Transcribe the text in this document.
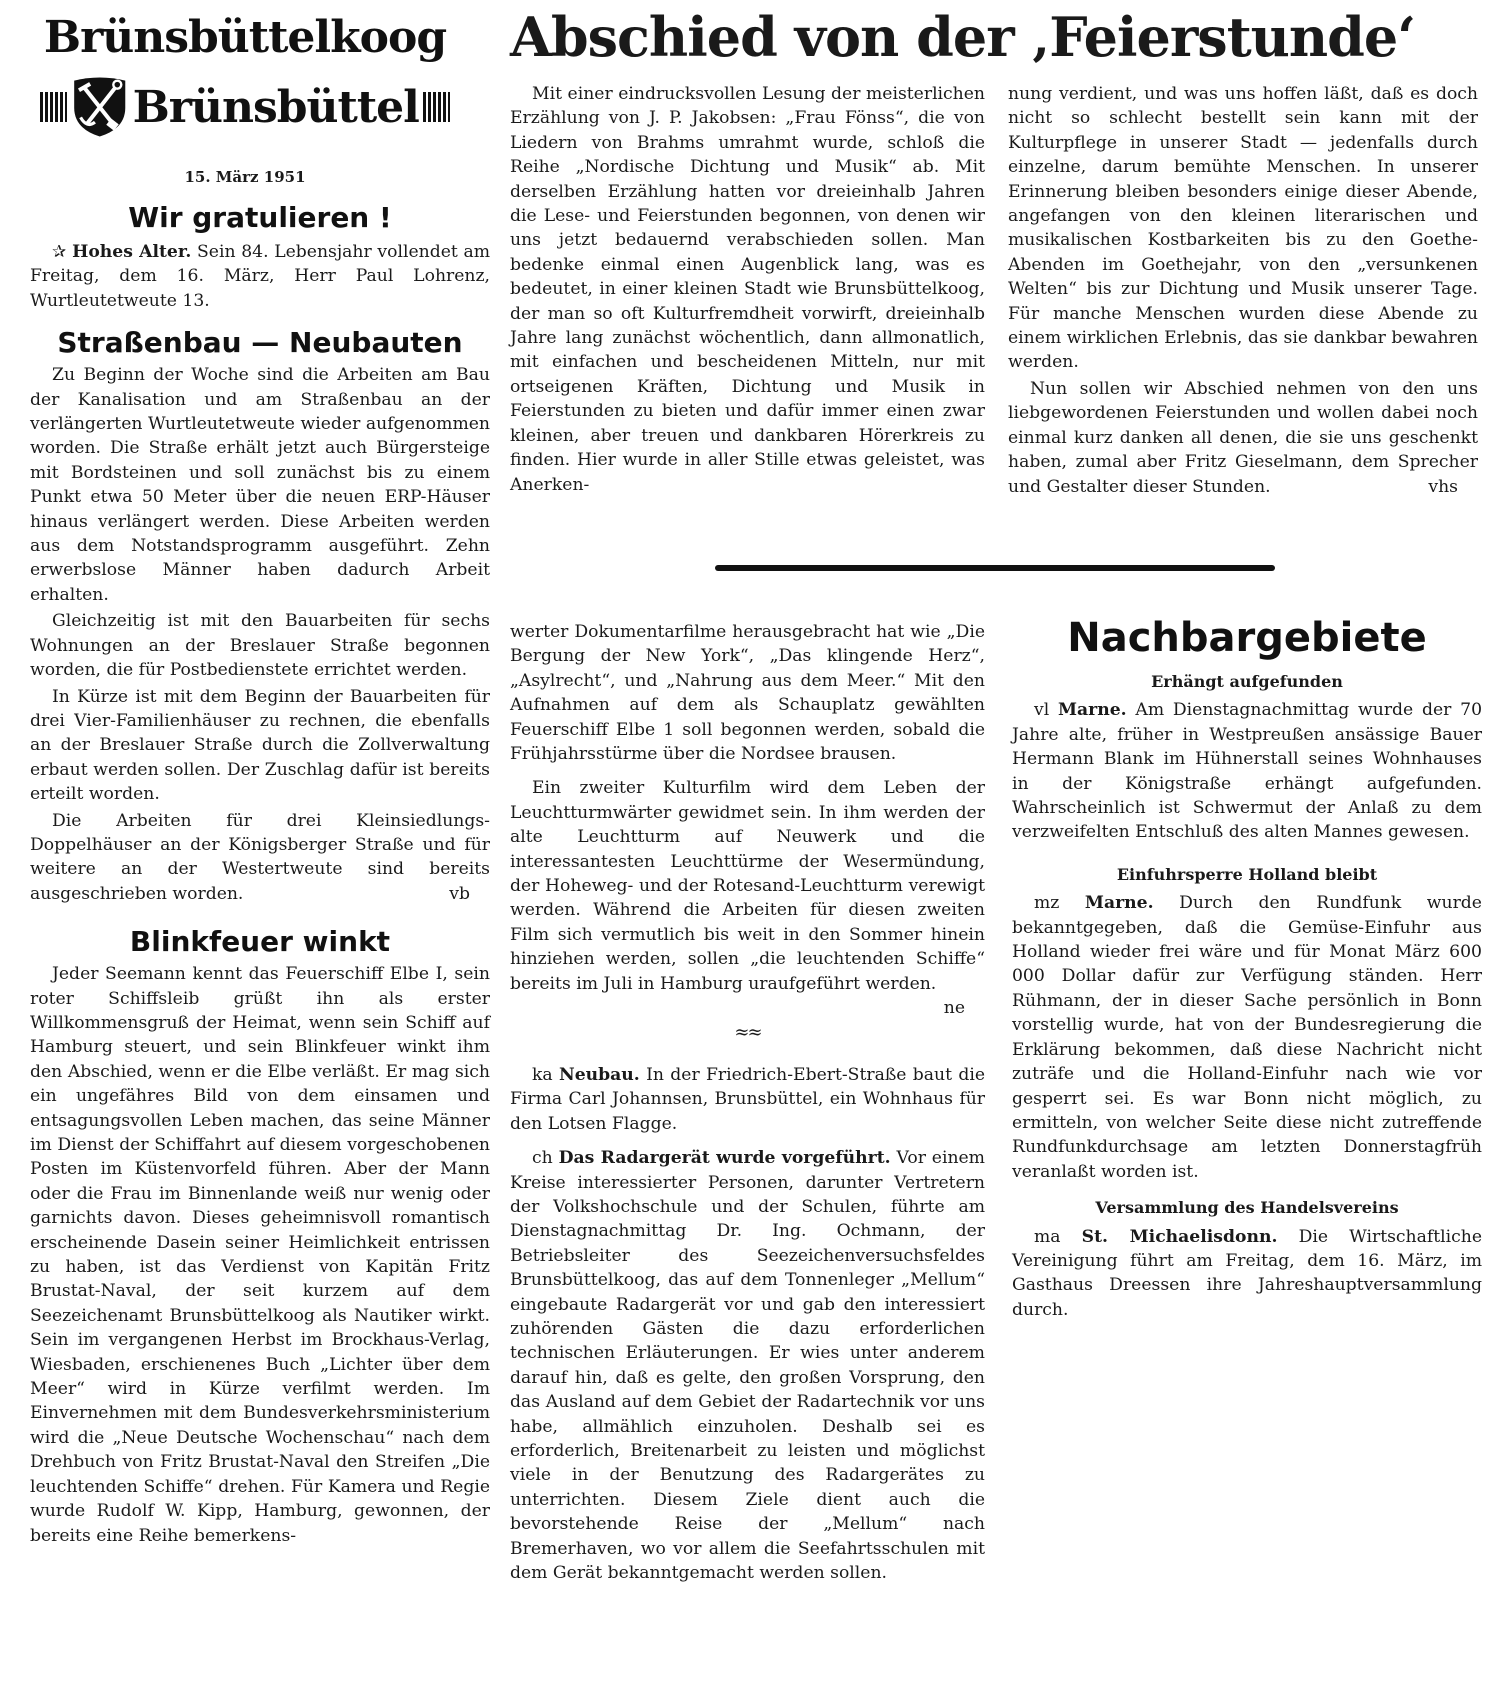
Brünsbüttelkoog
Brünsbüttel
15. März 1951
Wir gratulieren !

✰ Hohes Alter. Sein 84. Lebensjahr vollendet am Freitag, dem 16. März, Herr Paul Lohrenz, Wurtleutetweute 13.

Straßenbau — Neubauten

Zu Beginn der Woche sind die Arbeiten am Bau der Kanalisation und am Straßenbau an der verlängerten Wurtleutetweute wieder aufgenommen worden. Die Straße erhält jetzt auch Bürgersteige mit Bordsteinen und soll zunächst bis zu einem Punkt etwa 50 Meter über die neuen ERP-Häuser hinaus verlängert werden. Diese Arbeiten werden aus dem Notstandsprogramm ausgeführt. Zehn erwerbslose Männer haben dadurch Arbeit erhalten.

Gleichzeitig ist mit den Bauarbeiten für sechs Wohnungen an der Breslauer Straße begonnen worden, die für Postbedienstete errichtet werden.

In Kürze ist mit dem Beginn der Bauarbeiten für drei Vier-Familienhäuser zu rechnen, die ebenfalls an der Breslauer Straße durch die Zollverwaltung erbaut werden sollen. Der Zuschlag dafür ist bereits erteilt worden.

Die Arbeiten für drei Kleinsiedlungs-Doppelhäuser an der Königsberger Straße und für weitere an der Westertweute sind bereits ausgeschrieben worden.	vb

Blinkfeuer winkt

Jeder Seemann kennt das Feuerschiff Elbe I, sein roter Schiffsleib grüßt ihn als erster Willkommensgruß der Heimat, wenn sein Schiff auf Hamburg steuert, und sein Blinkfeuer winkt ihm den Abschied, wenn er die Elbe verläßt. Er mag sich ein ungefähres Bild von dem einsamen und entsagungsvollen Leben machen, das seine Männer im Dienst der Schiffahrt auf diesem vorgeschobenen Posten im Küstenvorfeld führen. Aber der Mann oder die Frau im Binnenlande weiß nur wenig oder garnichts davon. Dieses geheimnisvoll romantisch erscheinende Dasein seiner Heimlichkeit entrissen zu haben, ist das Verdienst von Kapitän Fritz Brustat-Naval, der seit kurzem auf dem Seezeichenamt Brunsbüttelkoog als Nautiker wirkt. Sein im vergangenen Herbst im Brockhaus-Verlag, Wiesbaden, erschienenes Buch „Lichter über dem Meer“ wird in Kürze verfilmt werden. Im Einvernehmen mit dem Bundesverkehrsministerium wird die „Neue Deutsche Wochenschau“ nach dem Drehbuch von Fritz Brustat-Naval den Streifen „Die leuchtenden Schiffe“ drehen. Für Kamera und Regie wurde Rudolf W. Kipp, Hamburg, gewonnen, der bereits eine Reihe bemerkens-

Abschied von der ‚Feierstunde‘

Mit einer eindrucksvollen Lesung der meisterlichen Erzählung von J. P. Jakobsen: „Frau Fönss“, die von Liedern von Brahms umrahmt wurde, schloß die Reihe „Nordische Dichtung und Musik“ ab. Mit derselben Erzählung hatten vor dreieinhalb Jahren die Lese- und Feierstunden begonnen, von denen wir uns jetzt bedauernd verabschieden sollen. Man bedenke einmal einen Augenblick lang, was es bedeutet, in einer kleinen Stadt wie Brunsbüttelkoog, der man so oft Kulturfremdheit vorwirft, dreieinhalb Jahre lang zunächst wöchentlich, dann allmonatlich, mit einfachen und bescheidenen Mitteln, nur mit ortseigenen Kräften, Dichtung und Musik in Feierstunden zu bieten und dafür immer einen zwar kleinen, aber treuen und dankbaren Hörerkreis zu finden. Hier wurde in aller Stille etwas geleistet, was Anerken-

nung verdient, und was uns hoffen läßt, daß es doch nicht so schlecht bestellt sein kann mit der Kulturpflege in unserer Stadt — jedenfalls durch einzelne, darum bemühte Menschen. In unserer Erinnerung bleiben besonders einige dieser Abende, angefangen von den kleinen literarischen und musikalischen Kostbarkeiten bis zu den Goethe-Abenden im Goethejahr, von den „versunkenen Welten“ bis zur Dichtung und Musik unserer Tage. Für manche Menschen wurden diese Abende zu einem wirklichen Erlebnis, das sie dankbar bewahren werden.

Nun sollen wir Abschied nehmen von den uns liebgewordenen Feierstunden und wollen dabei noch einmal kurz danken all denen, die sie uns geschenkt haben, zumal aber Fritz Gieselmann, dem Sprecher und Gestalter dieser Stunden.	vhs

werter Dokumentarfilme herausgebracht hat wie „Die Bergung der New York“, „Das klingende Herz“, „Asylrecht“, und „Nahrung aus dem Meer.“ Mit den Aufnahmen auf dem als Schauplatz gewählten Feuerschiff Elbe 1 soll begonnen werden, sobald die Frühjahrsstürme über die Nordsee brausen.

Ein zweiter Kulturfilm wird dem Leben der Leuchtturmwärter gewidmet sein. In ihm werden der alte Leuchtturm auf Neuwerk und die interessantesten Leuchttürme der Wesermündung, der Hoheweg- und der Rotesand-Leuchtturm verewigt werden. Während die Arbeiten für diesen zweiten Film sich vermutlich bis weit in den Sommer hinein hinziehen werden, sollen „die leuchtenden Schiffe“ bereits im Juli in Hamburg uraufgeführt werden.
ne

≈≈

ka Neubau. In der Friedrich-Ebert-Straße baut die Firma Carl Johannsen, Brunsbüttel, ein Wohnhaus für den Lotsen Flagge.

ch Das Radargerät wurde vorgeführt. Vor einem Kreise interessierter Personen, darunter Vertretern der Volkshochschule und der Schulen, führte am Dienstagnachmittag Dr. Ing. Ochmann, der Betriebsleiter des Seezeichenversuchsfeldes Brunsbüttelkoog, das auf dem Tonnenleger „Mellum“ eingebaute Radargerät vor und gab den interessiert zuhörenden Gästen die dazu erforderlichen technischen Erläuterungen. Er wies unter anderem darauf hin, daß es gelte, den großen Vorsprung, den das Ausland auf dem Gebiet der Radartechnik vor uns habe, allmählich einzuholen. Deshalb sei es erforderlich, Breitenarbeit zu leisten und möglichst viele in der Benutzung des Radargerätes zu unterrichten. Diesem Ziele dient auch die bevorstehende Reise der „Mellum“ nach Bremerhaven, wo vor allem die Seefahrtsschulen mit dem Gerät bekanntgemacht werden sollen.

Nachbargebiete
Erhängt aufgefunden

vl Marne. Am Dienstagnachmittag wurde der 70 Jahre alte, früher in Westpreußen ansässige Bauer Hermann Blank im Hühnerstall seines Wohnhauses in der Königstraße erhängt aufgefunden. Wahrscheinlich ist Schwermut der Anlaß zu dem verzweifelten Entschluß des alten Mannes gewesen.

Einfuhrsperre Holland bleibt

mz Marne. Durch den Rundfunk wurde bekanntgegeben, daß die Gemüse-Einfuhr aus Holland wieder frei wäre und für Monat März 600 000 Dollar dafür zur Verfügung ständen. Herr Rühmann, der in dieser Sache persönlich in Bonn vorstellig wurde, hat von der Bundesregierung die Erklärung bekommen, daß diese Nachricht nicht zuträfe und die Holland-Einfuhr nach wie vor gesperrt sei. Es war Bonn nicht möglich, zu ermitteln, von welcher Seite diese nicht zutreffende Rundfunkdurchsage am letzten Donnerstagfrüh veranlaßt worden ist.

Versammlung des Handelsvereins

ma St. Michaelisdonn. Die Wirtschaftliche Vereinigung führt am Freitag, dem 16. März, im Gasthaus Dreessen ihre Jahreshauptversammlung durch.
